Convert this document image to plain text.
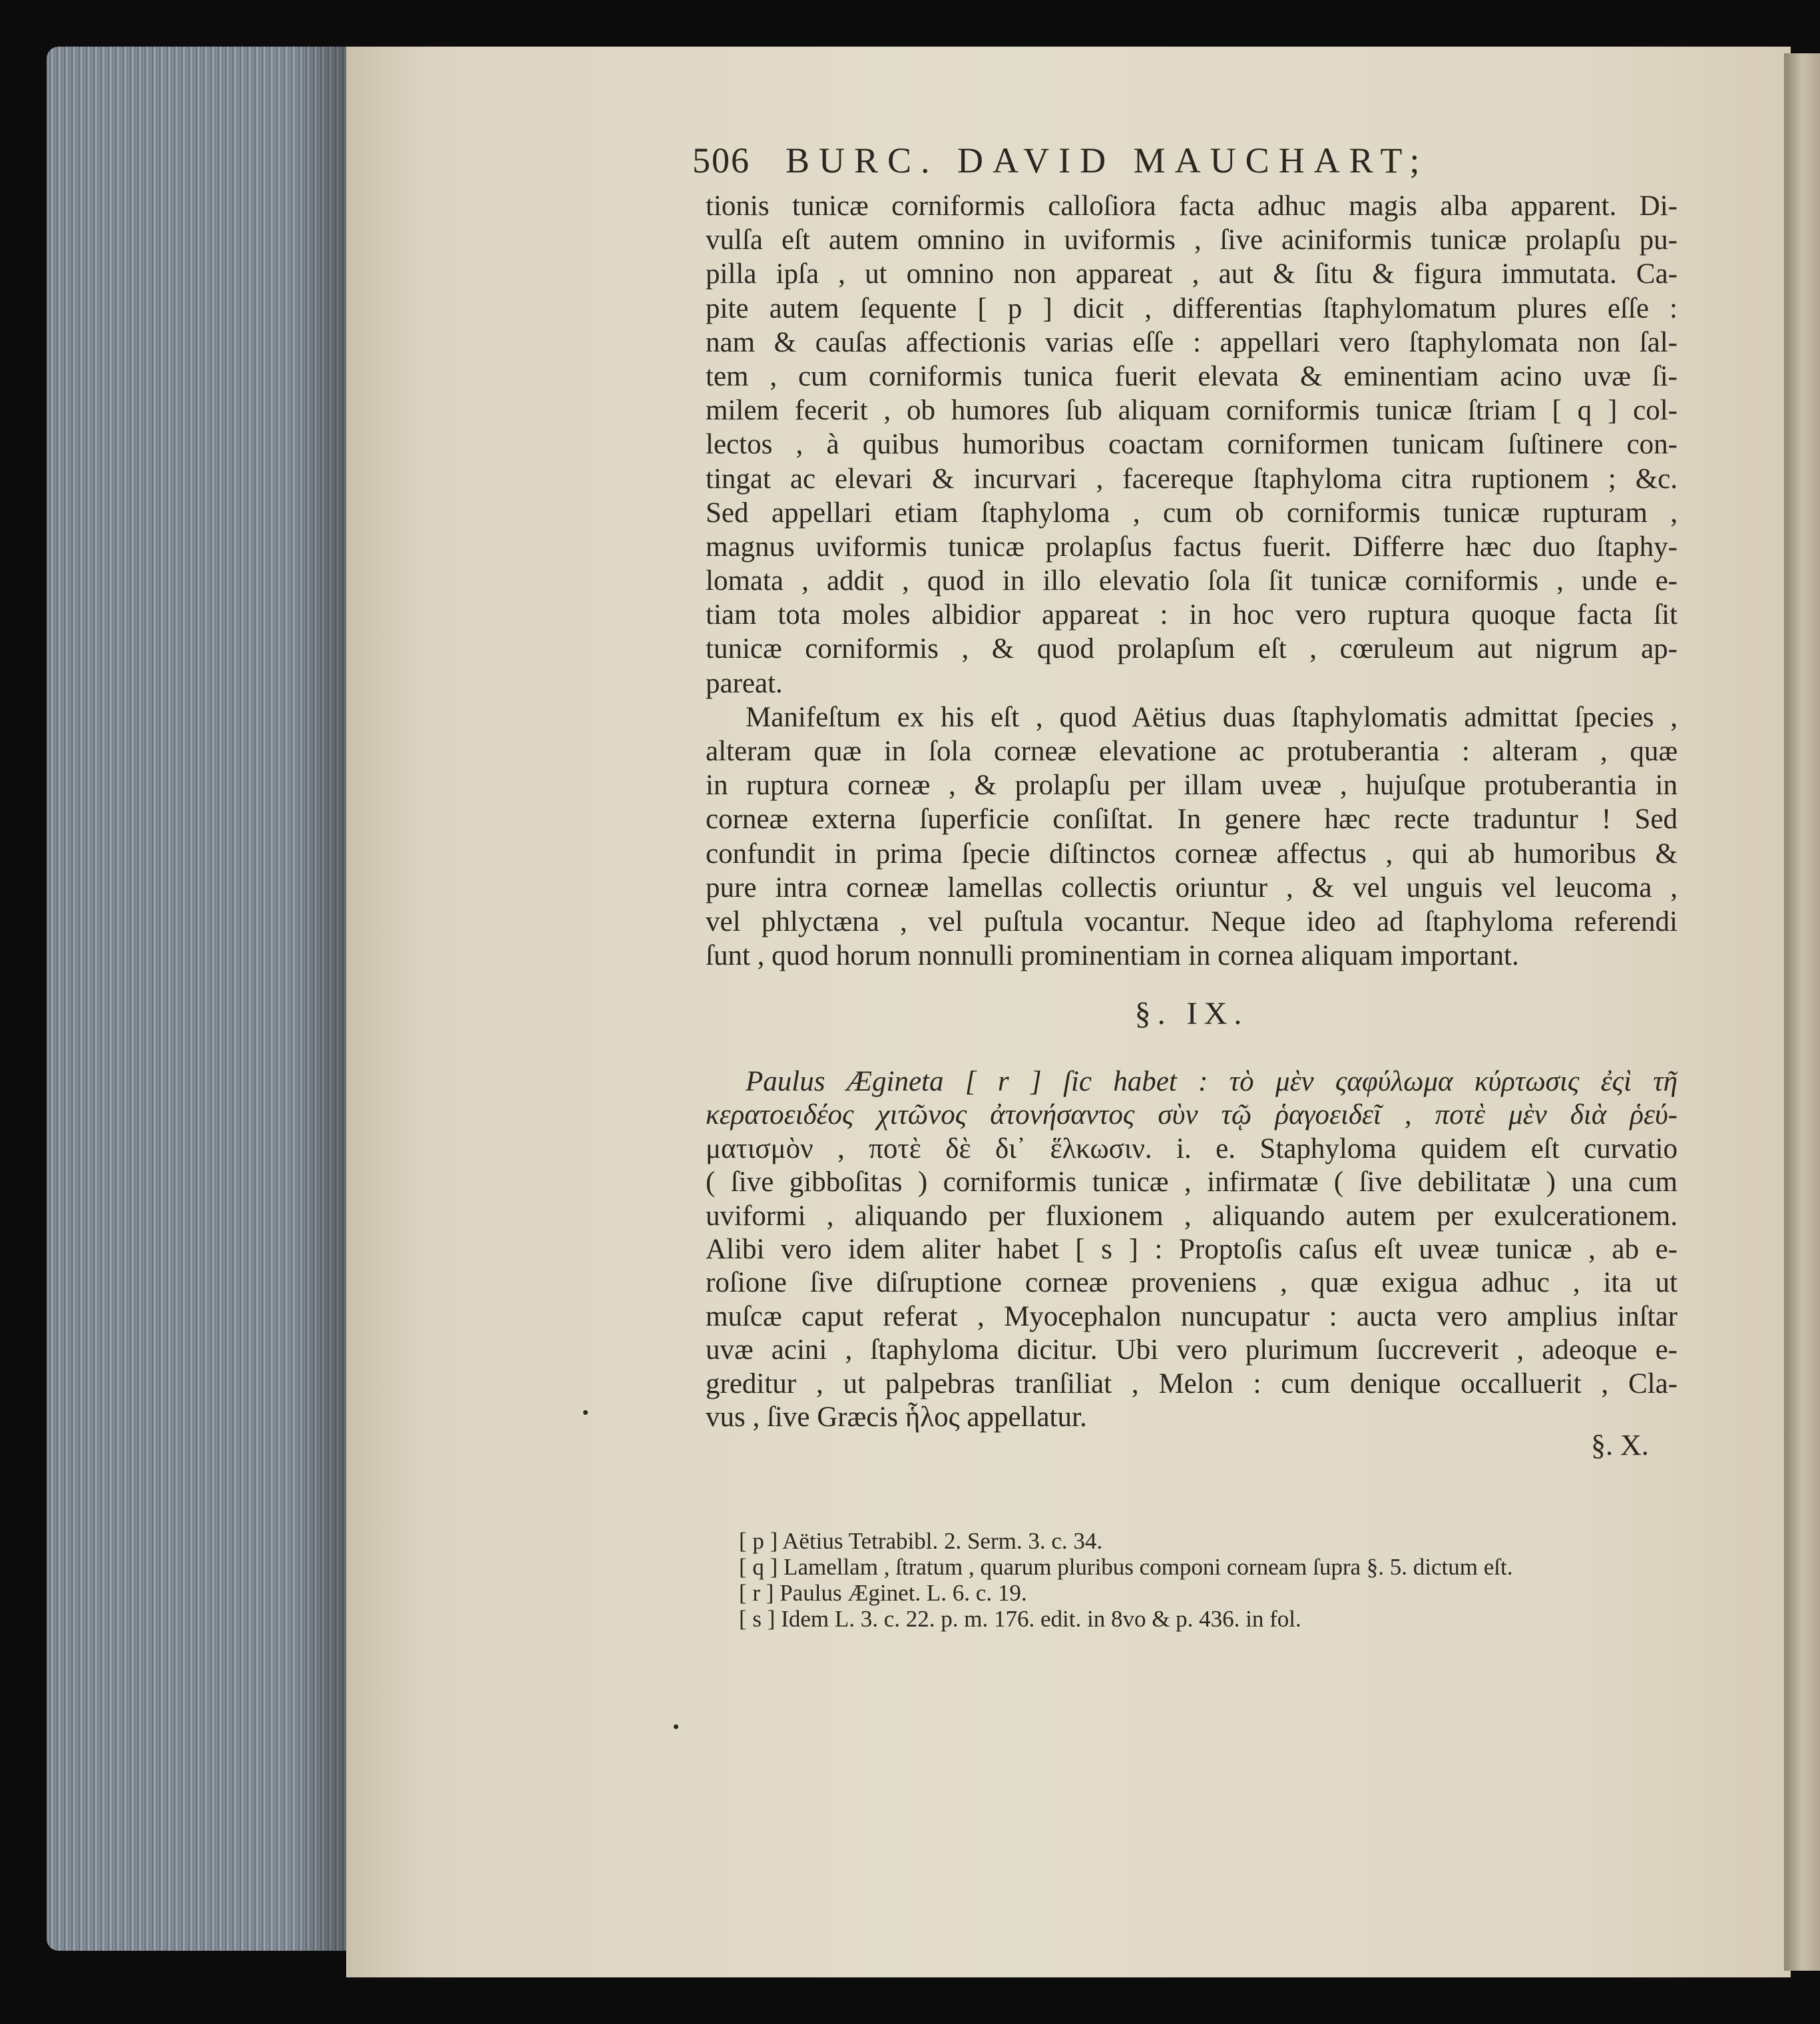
506 BURC. DAVID MAUCHART;
tionis tunicæ corniformis calloſiora facta adhuc magis alba apparent. Di-
vulſa eſt autem omnino in uviformis , ſive aciniformis tunicæ prolapſu pu-
pilla ipſa , ut omnino non appareat , aut & ſitu & figura immutata. Ca-
pite autem ſequente [ p ] dicit , differentias ſtaphylomatum plures eſſe :
nam & cauſas affectionis varias eſſe : appellari vero ſtaphylomata non ſal-
tem , cum corniformis tunica fuerit elevata & eminentiam acino uvæ ſi-
milem fecerit , ob humores ſub aliquam corniformis tunicæ ſtriam [ q ] col-
lectos , à quibus humoribus coactam corniformen tunicam ſuſtinere con-
tingat ac elevari & incurvari , facereque ſtaphyloma citra ruptionem ; &c.
Sed appellari etiam ſtaphyloma , cum ob corniformis tunicæ rupturam ,
magnus uviformis tunicæ prolapſus factus fuerit. Differre hæc duo ſtaphy-
lomata , addit , quod in illo elevatio ſola ſit tunicæ corniformis , unde e-
tiam tota moles albidior appareat : in hoc vero ruptura quoque facta ſit
tunicæ corniformis , & quod prolapſum eſt , cœruleum aut nigrum ap-
pareat.
Manifeſtum ex his eſt , quod Aëtius duas ſtaphylomatis admittat ſpecies ,
alteram quæ in ſola corneæ elevatione ac protuberantia : alteram , quæ
in ruptura corneæ , & prolapſu per illam uveæ , hujuſque protuberantia in
corneæ externa ſuperficie conſiſtat. In genere hæc recte traduntur ! Sed
confundit in prima ſpecie diſtinctos corneæ affectus , qui ab humoribus &
pure intra corneæ lamellas collectis oriuntur , & vel unguis vel leucoma ,
vel phlyctæna , vel puſtula vocantur. Neque ideo ad ſtaphyloma referendi
ſunt , quod horum nonnulli prominentiam in cornea aliquam important.
§. IX.
Paulus Ægineta [ r ] ſic habet : τὸ μὲν ςαφύλωμα κύρτωσις ἐςὶ τῆ
κερατοειδέος χιτῶνος ἀτονήσαντος σὺν τῷ ῥαγοειδεῖ , ποτὲ μὲν διὰ ῥεύ-
ματισμὸν , ποτὲ δὲ δι᾽ ἕλκωσιν. i. e. Staphyloma quidem eſt curvatio
( ſive gibboſitas ) corniformis tunicæ , infirmatæ ( ſive debilitatæ ) una cum
uviformi , aliquando per fluxionem , aliquando autem per exulcerationem.
Alibi vero idem aliter habet [ s ] : Proptoſis caſus eſt uveæ tunicæ , ab e-
roſione ſive diſruptione corneæ proveniens , quæ exigua adhuc , ita ut
muſcæ caput referat , Myocephalon nuncupatur : aucta vero amplius inſtar
uvæ acini , ſtaphyloma dicitur. Ubi vero plurimum ſuccreverit , adeoque e-
greditur , ut palpebras tranſiliat , Melon : cum denique occalluerit , Cla-
vus , ſive Græcis ἧλος appellatur.
§. X.
[ p ] Aëtius Tetrabibl. 2. Serm. 3. c. 34.
[ q ] Lamellam , ſtratum , quarum pluribus componi corneam ſupra §. 5. dictum eſt.
[ r ] Paulus Æginet. L. 6. c. 19.
[ s ] Idem L. 3. c. 22. p. m. 176. edit. in 8vo & p. 436. in fol.
